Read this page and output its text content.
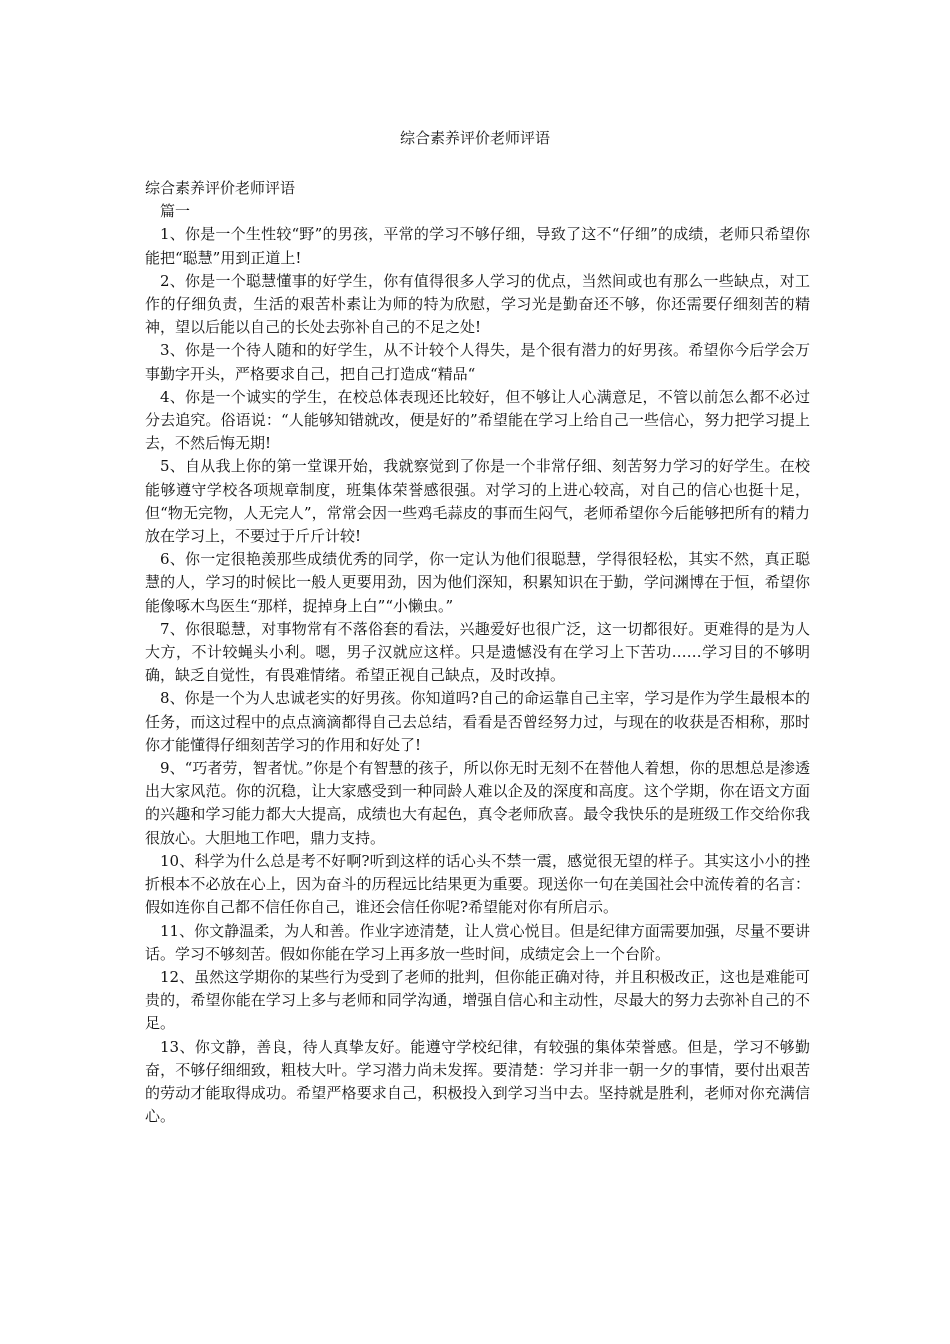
综合素养评价老师评语

综合素养评价老师评语

篇一

1、你是一个生性较“野”的男孩，平常的学习不够仔细，导致了这不“仔细”的成绩，老师只希望你能把“聪慧”用到正道上!

2、你是一个聪慧懂事的好学生，你有值得很多人学习的优点，当然间或也有那么一些缺点，对工作的仔细负责，生活的艰苦朴素让为师的特为欣慰，学习光是勤奋还不够，你还需要仔细刻苦的精神，望以后能以自己的长处去弥补自己的不足之处!

3、你是一个待人随和的好学生，从不计较个人得失，是个很有潜力的好男孩。希望你今后学会万事勤字开头，严格要求自己，把自己打造成“精品“

4、你是一个诚实的学生，在校总体表现还比较好，但不够让人心满意足，不管以前怎么都不必过分去追究。俗语说：“人能够知错就改，便是好的”希望能在学习上给自己一些信心，努力把学习提上去，不然后悔无期!

5、自从我上你的第一堂课开始，我就察觉到了你是一个非常仔细、刻苦努力学习的好学生。在校能够遵守学校各项规章制度，班集体荣誉感很强。对学习的上进心较高，对自己的信心也挺十足，但“物无完物，人无完人”，常常会因一些鸡毛蒜皮的事而生闷气，老师希望你今后能够把所有的精力放在学习上，不要过于斤斤计较!

6、你一定很艳羡那些成绩优秀的同学，你一定认为他们很聪慧，学得很轻松，其实不然，真正聪慧的人，学习的时候比一般人更要用劲，因为他们深知，积累知识在于勤，学问渊博在于恒，希望你能像啄木鸟医生“那样，捉掉身上白”“小懒虫。”

7、你很聪慧，对事物常有不落俗套的看法，兴趣爱好也很广泛，这一切都很好。更难得的是为人大方，不计较蝇头小利。嗯，男子汉就应这样。只是遗憾没有在学习上下苦功……学习目的不够明确，缺乏自觉性，有畏难情绪。希望正视自己缺点，及时改掉。

8、你是一个为人忠诚老实的好男孩。你知道吗?自己的命运靠自己主宰，学习是作为学生最根本的任务，而这过程中的点点滴滴都得自己去总结，看看是否曾经努力过，与现在的收获是否相称，那时你才能懂得仔细刻苦学习的作用和好处了!

9、“巧者劳，智者忧。”你是个有智慧的孩子，所以你无时无刻不在替他人着想，你的思想总是渗透出大家风范。你的沉稳，让大家感受到一种同龄人难以企及的深度和高度。这个学期，你在语文方面的兴趣和学习能力都大大提高，成绩也大有起色，真令老师欣喜。最令我快乐的是班级工作交给你我很放心。大胆地工作吧，鼎力支持。

10、科学为什么总是考不好啊?听到这样的话心头不禁一震，感觉很无望的样子。其实这小小的挫折根本不必放在心上，因为奋斗的历程远比结果更为重要。现送你一句在美国社会中流传着的名言：假如连你自己都不信任你自己，谁还会信任你呢?希望能对你有所启示。

11、你文静温柔，为人和善。作业字迹清楚，让人赏心悦目。但是纪律方面需要加强，尽量不要讲话。学习不够刻苦。假如你能在学习上再多放一些时间，成绩定会上一个台阶。

12、虽然这学期你的某些行为受到了老师的批判，但你能正确对待，并且积极改正，这也是难能可贵的，希望你能在学习上多与老师和同学沟通，增强自信心和主动性，尽最大的努力去弥补自己的不足。

13、你文静，善良，待人真挚友好。能遵守学校纪律，有较强的集体荣誉感。但是，学习不够勤奋，不够仔细细致，粗枝大叶。学习潜力尚未发挥。要清楚：学习并非一朝一夕的事情，要付出艰苦的劳动才能取得成功。希望严格要求自己，积极投入到学习当中去。坚持就是胜利，老师对你充满信心。
